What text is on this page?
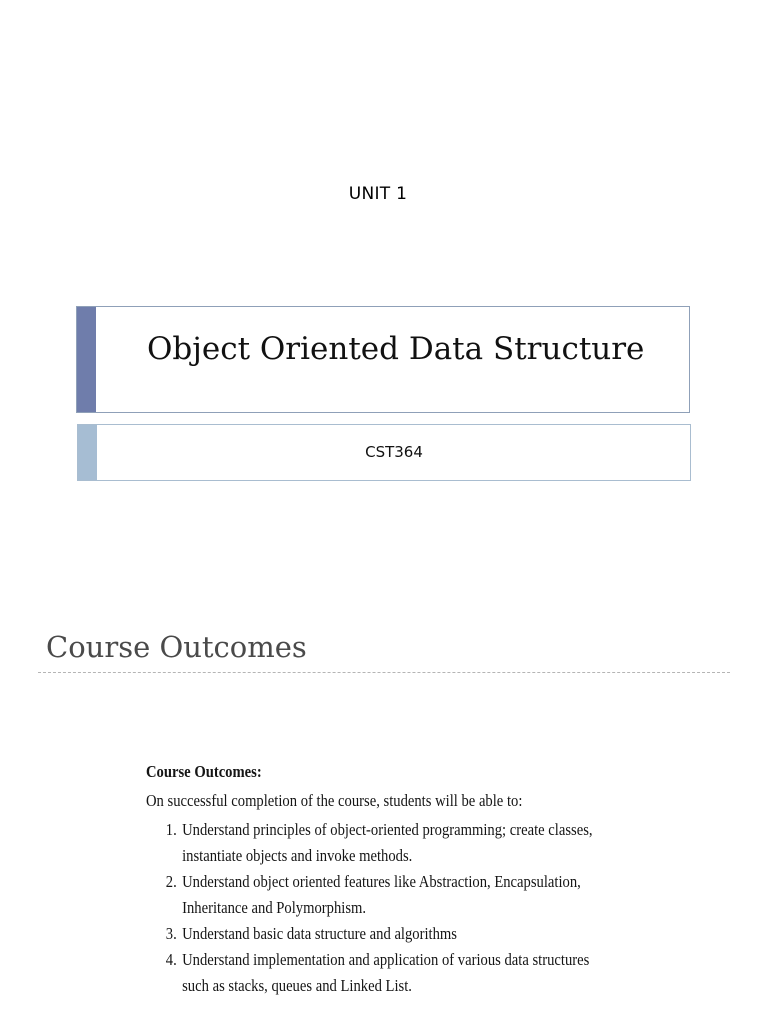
UNIT 1
Object Oriented Data Structure
CST364
Course Outcomes
Course Outcomes:
On successful completion of the course, students will be able to:
1. Understand principles of object-oriented programming; create classes, instantiate objects and invoke methods.
2. Understand object oriented features like Abstraction, Encapsulation, Inheritance and Polymorphism.
3. Understand basic data structure and algorithms
4. Understand implementation and application of various data structures such as stacks, queues and Linked List.
